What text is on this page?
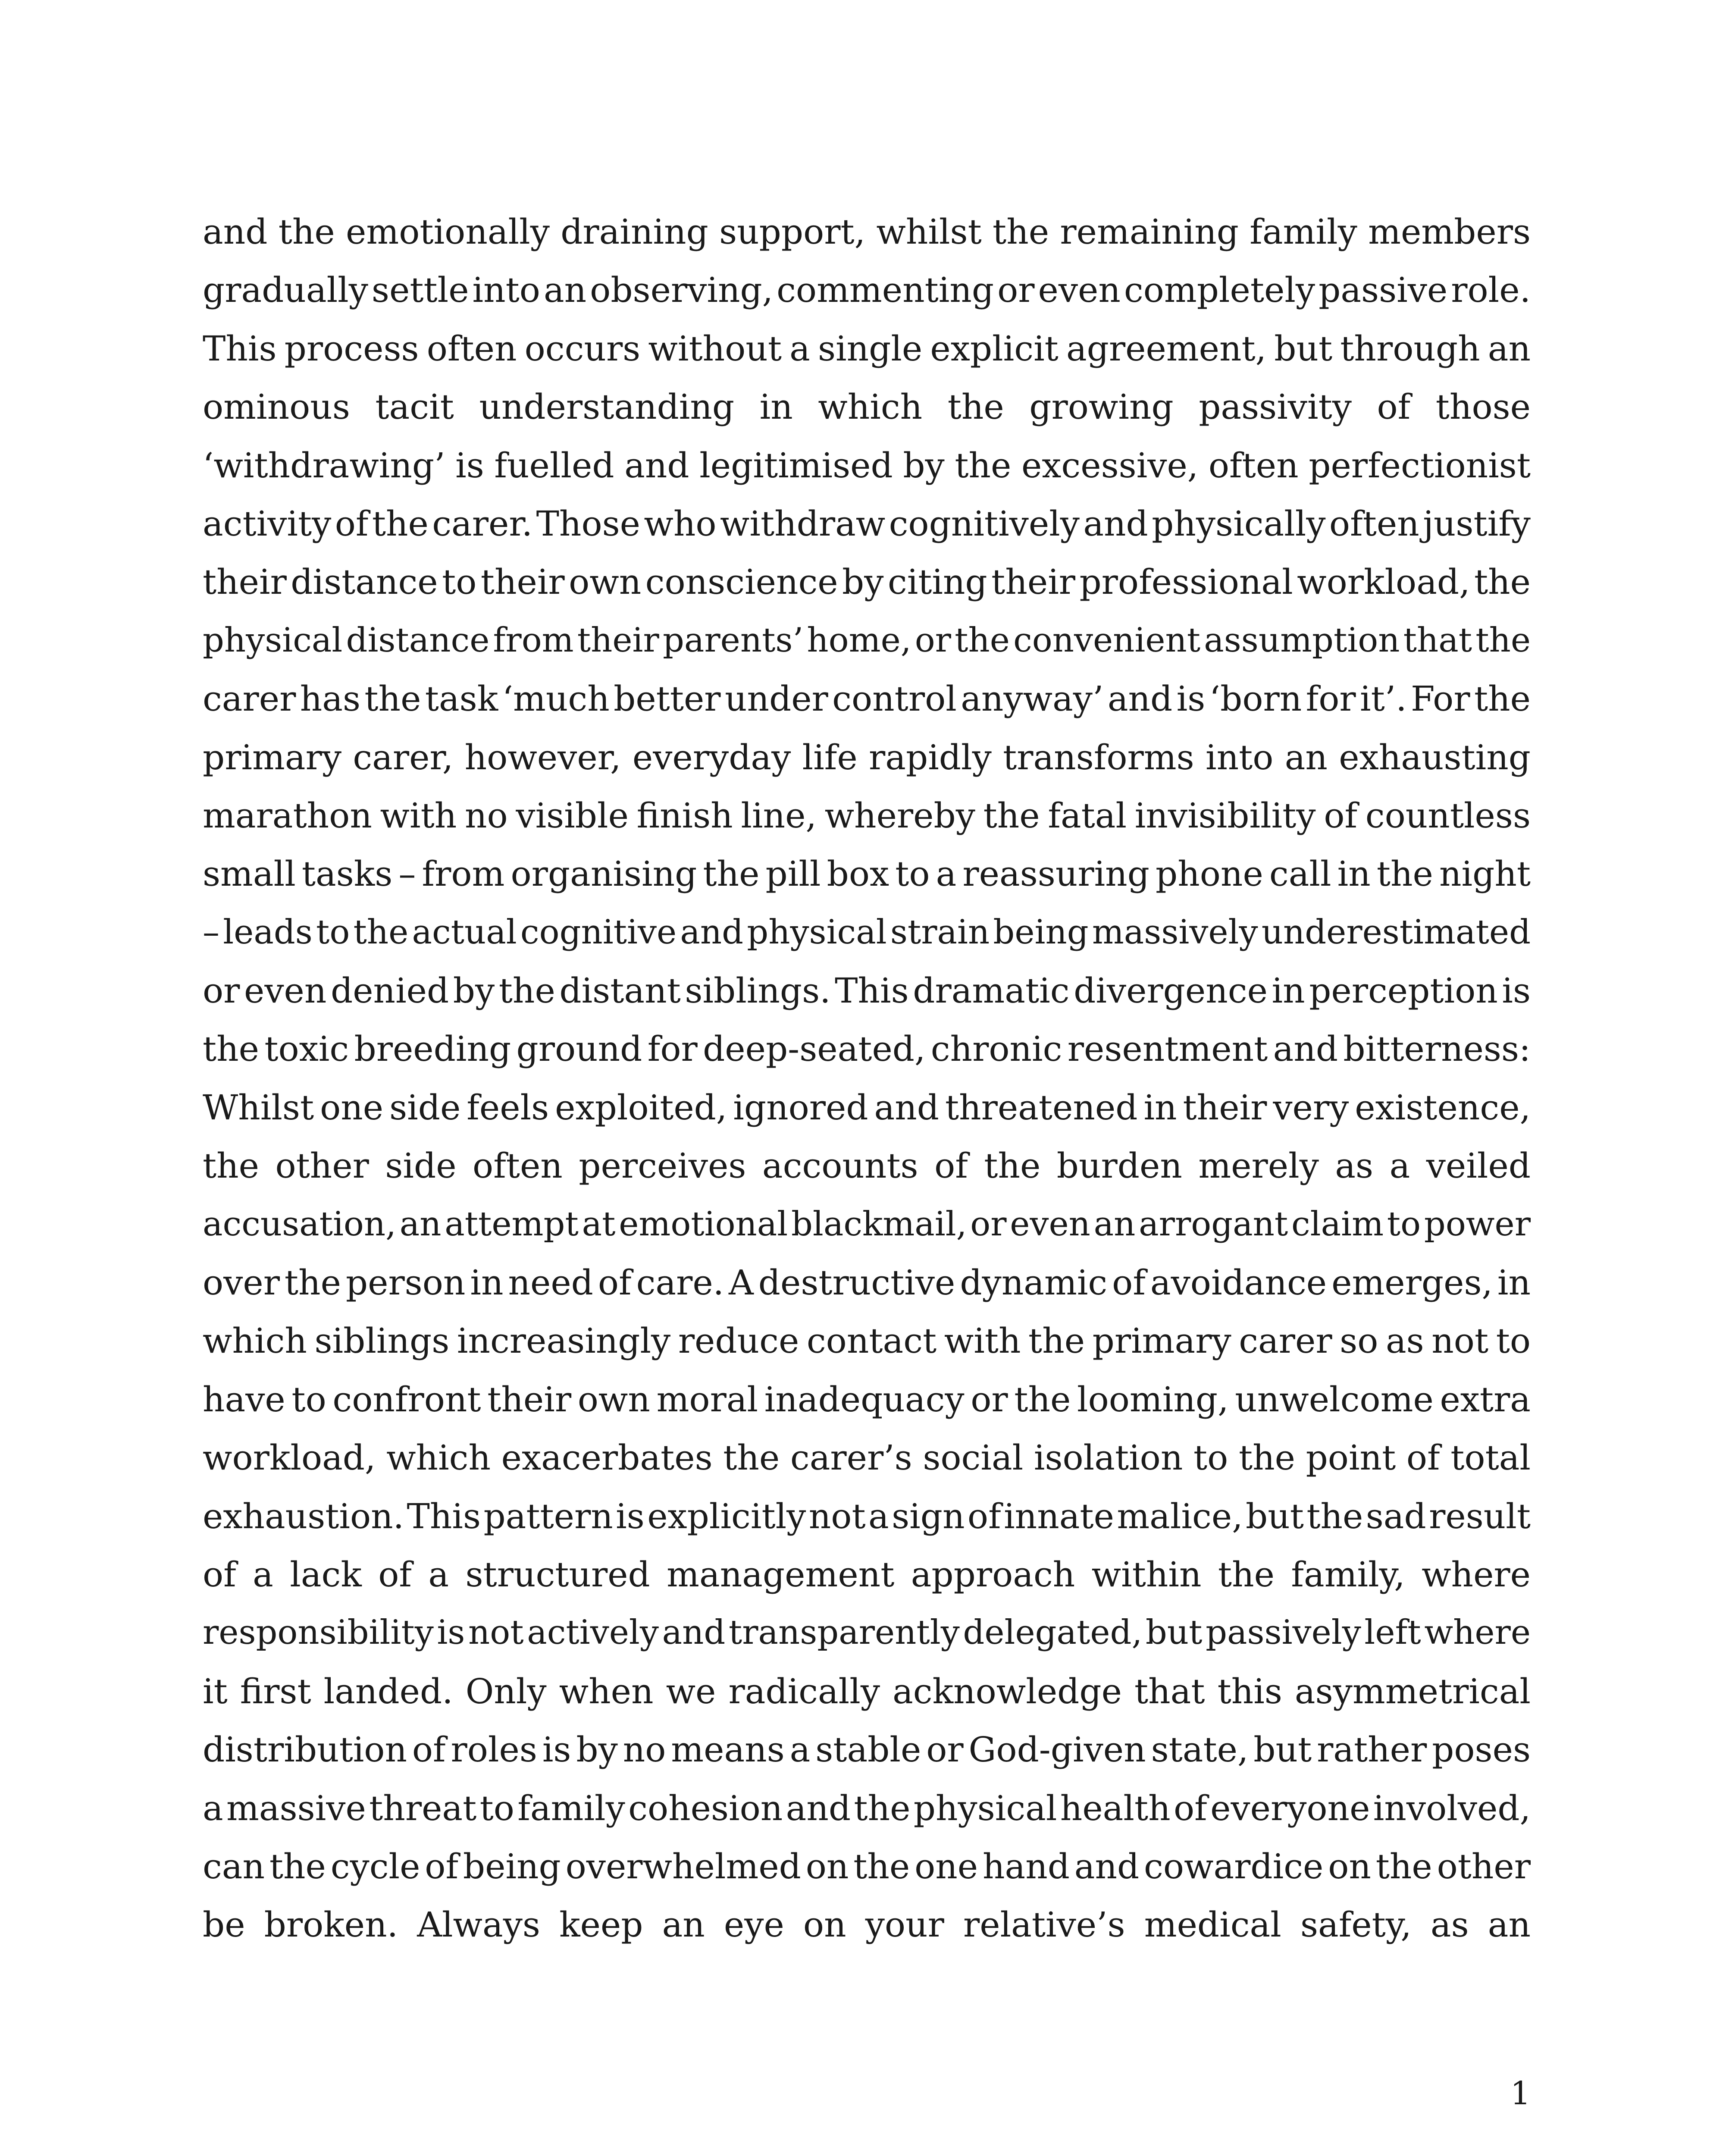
and the emotionally draining support, whilst the remaining family members
gradually settle into an observing, commenting or even completely passive role.
This process often occurs without a single explicit agreement, but through an
ominous tacit understanding in which the growing passivity of those
‘withdrawing’ is fuelled and legitimised by the excessive, often perfectionist
activity of the carer. Those who withdraw cognitively and physically often justify
their distance to their own conscience by citing their professional workload, the
physical distance from their parents’ home, or the convenient assumption that the
carer has the task ‘much better under control anyway’ and is ‘born for it’. For the
primary carer, however, everyday life rapidly transforms into an exhausting
marathon with no visible finish line, whereby the fatal invisibility of countless
small tasks – from organising the pill box to a reassuring phone call in the night
– leads to the actual cognitive and physical strain being massively underestimated
or even denied by the distant siblings. This dramatic divergence in perception is
the toxic breeding ground for deep-seated, chronic resentment and bitterness:
Whilst one side feels exploited, ignored and threatened in their very existence,
the other side often perceives accounts of the burden merely as a veiled
accusation, an attempt at emotional blackmail, or even an arrogant claim to power
over the person in need of care. A destructive dynamic of avoidance emerges, in
which siblings increasingly reduce contact with the primary carer so as not to
have to confront their own moral inadequacy or the looming, unwelcome extra
workload, which exacerbates the carer’s social isolation to the point of total
exhaustion. This pattern is explicitly not a sign of innate malice, but the sad result
of a lack of a structured management approach within the family, where
responsibility is not actively and transparently delegated, but passively left where
it first landed. Only when we radically acknowledge that this asymmetrical
distribution of roles is by no means a stable or God-given state, but rather poses
a massive threat to family cohesion and the physical health of everyone involved,
can the cycle of being overwhelmed on the one hand and cowardice on the other
be broken. Always keep an eye on your relative’s medical safety, as an
1
